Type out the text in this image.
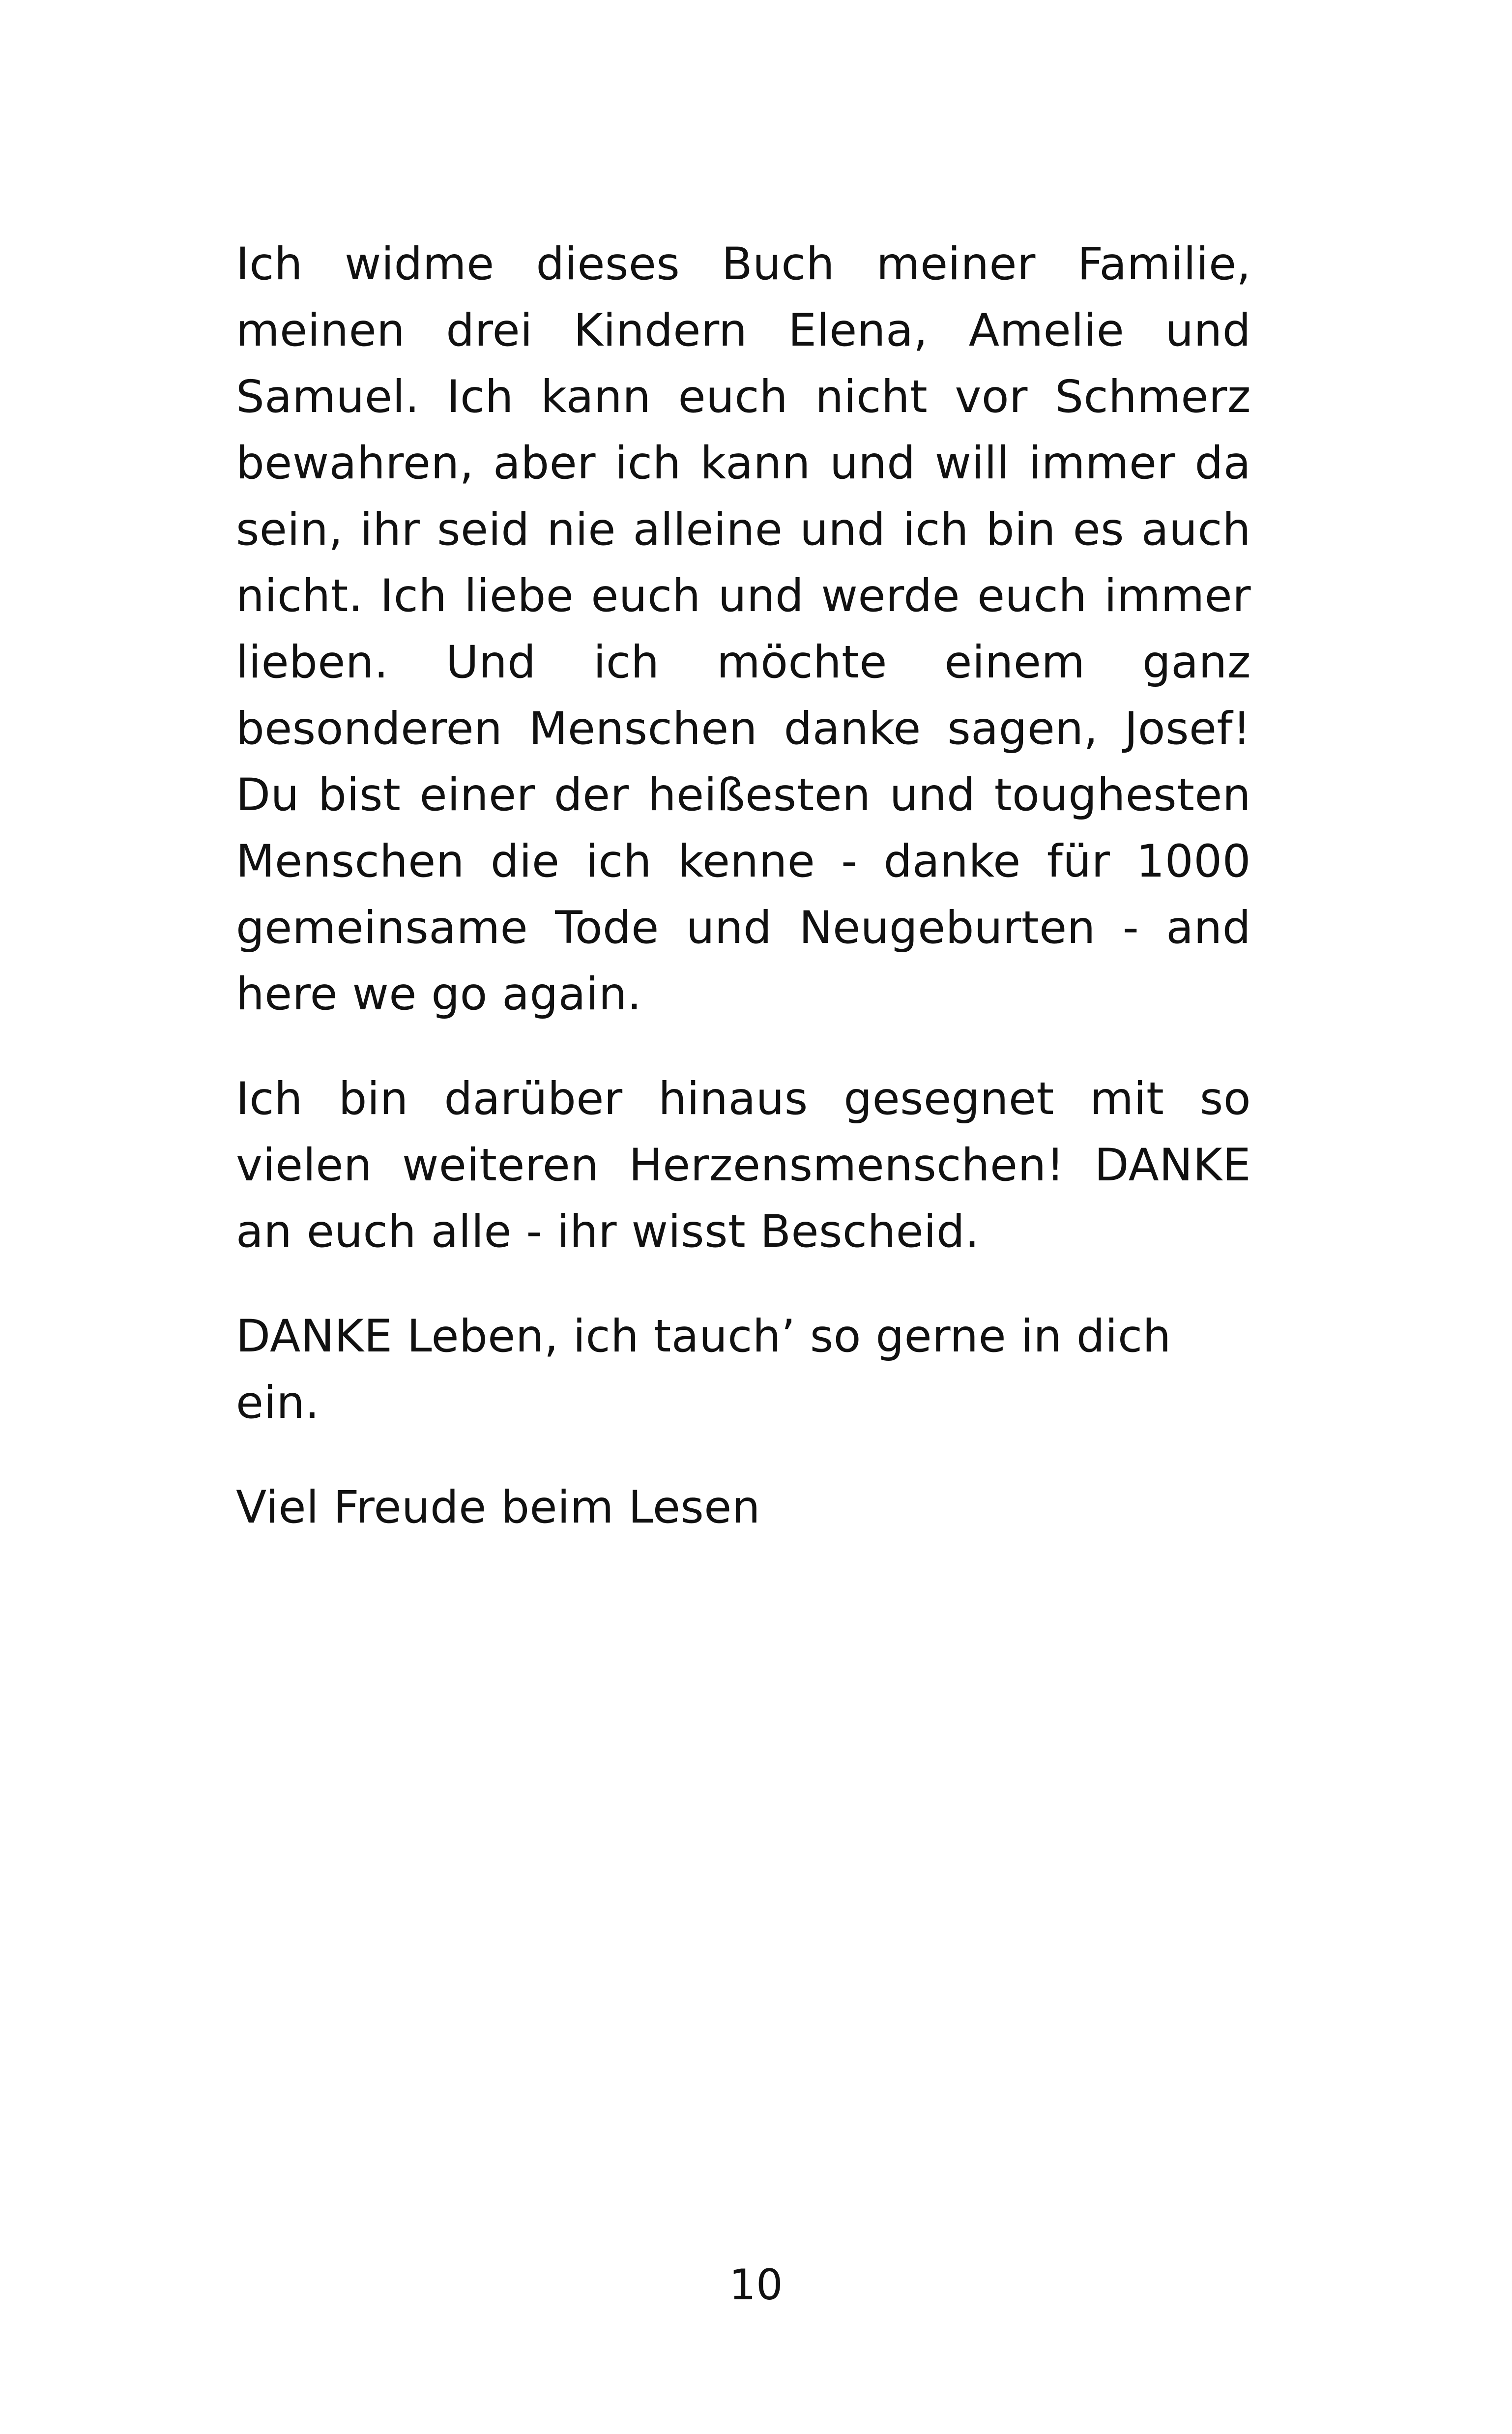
Ich widme dieses Buch meiner Familie, meinen drei Kindern Elena, Amelie und Samuel. Ich kann euch nicht vor Schmerz bewahren, aber ich kann und will immer da sein, ihr seid nie alleine und ich bin es auch nicht. Ich liebe euch und werde euch immer lieben. Und ich möchte einem ganz besonderen Menschen danke sagen, Josef! Du bist einer der heißesten und toughesten Menschen die ich kenne - danke für 1000 gemeinsame Tode und Neugeburten - and here we go again.

Ich bin darüber hinaus gesegnet mit so vielen weiteren Herzensmenschen! DANKE an euch alle - ihr wisst Bescheid.

DANKE Leben, ich tauch’ so gerne in dich ein.

Viel Freude beim Lesen

10
